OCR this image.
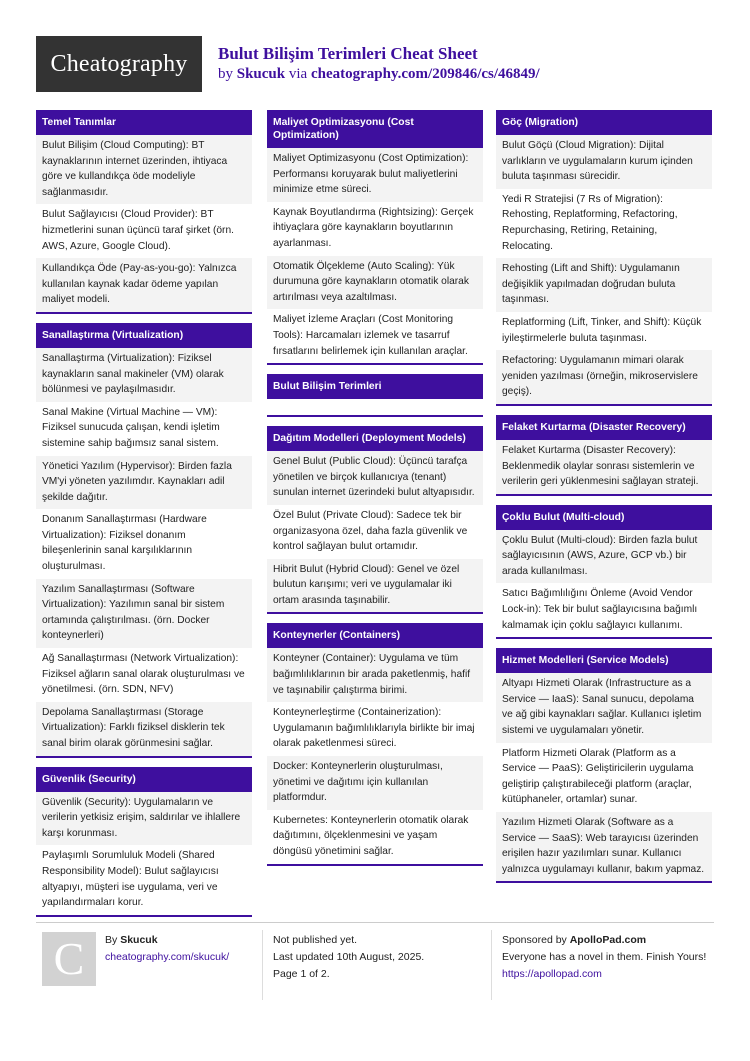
Cheatography Bulut Bilişim Terimleri Cheat Sheet
by Skucuk via cheatography.com/209846/cs/46849/
Temel Tanımlar
Bulut Bilişim (Cloud Computing): BT kaynaklarının internet üzerinden, ihtiyaca göre ve kullandıkça öde modeliyle sağlanmasıdır.
Bulut Sağlayıcısı (Cloud Provider): BT hizmetlerini sunan üçüncü taraf şirket (örn. AWS, Azure, Google Cloud).
Kullandıkça Öde (Pay-as-you-go): Yalnızca kullanılan kaynak kadar ödeme yapılan maliyet modeli.
Sanallaştırma (Virtualization)
Sanallaştırma (Virtualization): Fiziksel kaynakların sanal makineler (VM) olarak bölünmesi ve paylaşılmasıdır.
Sanal Makine (Virtual Machine — VM): Fiziksel sunucuda çalışan, kendi işletim sistemine sahip bağımsız sanal sistem.
Yönetici Yazılım (Hypervisor): Birden fazla VM'yi yöneten yazılımdır. Kaynakları adil şekilde dağıtır.
Donanım Sanallaştırması (Hardware Virtualization): Fiziksel donanım bileşenlerinin sanal karşılıklarının oluşturulması.
Yazılım Sanallaştırması (Software Virtualization): Yazılımın sanal bir sistem ortamında çalıştırılması. (örn. Docker konteynerleri)
Ağ Sanallaştırması (Network Virtualization): Fiziksel ağların sanal olarak oluşturulması ve yönetilmesi. (örn. SDN, NFV)
Depolama Sanallaştırması (Storage Virtualization): Farklı fiziksel disklerin tek sanal birim olarak görünmesini sağlar.
Güvenlik (Security)
Güvenlik (Security): Uygulamaların ve verilerin yetkisiz erişim, saldırılar ve ihlallere karşı korunması.
Paylaşımlı Sorumluluk Modeli (Shared Responsibility Model): Bulut sağlayıcısı altyapıyı, müşteri ise uygulama, veri ve yapılandırmaları korur.
Maliyet Optimizasyonu (Cost Optimization)
Maliyet Optimizasyonu (Cost Optimization): Performansı koruyarak bulut maliyetlerini minimize etme süreci.
Kaynak Boyutlandırma (Rightsizing): Gerçek ihtiyaçlara göre kaynakların boyutlarının ayarlanması.
Otomatik Ölçekleme (Auto Scaling): Yük durumuna göre kaynakların otomatik olarak artırılması veya azaltılması.
Maliyet İzleme Araçları (Cost Monitoring Tools): Harcamaları izlemek ve tasarruf fırsatlarını belirlemek için kullanılan araçlar.
Bulut Bilişim Terimleri
Dağıtım Modelleri (Deployment Models)
Genel Bulut (Public Cloud): Üçüncü tarafça yönetilen ve birçok kullanıcıya (tenant) sunulan internet üzerindeki bulut altyapısıdır.
Özel Bulut (Private Cloud): Sadece tek bir organizasyona özel, daha fazla güvenlik ve kontrol sağlayan bulut ortamıdır.
Hibrit Bulut (Hybrid Cloud): Genel ve özel bulutun karışımı; veri ve uygulamalar iki ortam arasında taşınabilir.
Konteynerler (Containers)
Konteyner (Container): Uygulama ve tüm bağımlılıklarının bir arada paketlenmiş, hafif ve taşınabilir çalıştırma birimi.
Konteynerleştirme (Containerization): Uygulamanın bağımlılıklarıyla birlikte bir imaj olarak paketlenmesi süreci.
Docker: Konteynerlerin oluşturulması, yönetimi ve dağıtımı için kullanılan platformdur.
Kubernetes: Konteynerlerin otomatik olarak dağıtımını, ölçeklenmesini ve yaşam döngüsü yönetimini sağlar.
Göç (Migration)
Bulut Göçü (Cloud Migration): Dijital varlıkların ve uygulamaların kurum içinden buluta taşınması sürecidir.
Yedi R Stratejisi (7 Rs of Migration): Rehosting, Replatforming, Refactoring, Repurchasing, Retiring, Retaining, Relocating.
Rehosting (Lift and Shift): Uygulamanın değişiklik yapılmadan doğrudan buluta taşınması.
Replatforming (Lift, Tinker, and Shift): Küçük iyileştirmelerle buluta taşınması.
Refactoring: Uygulamanın mimari olarak yeniden yazılması (örneğin, mikroservislere geçiş).
Felaket Kurtarma (Disaster Recovery)
Felaket Kurtarma (Disaster Recovery): Beklenmedik olaylar sonrası sistemlerin ve verilerin geri yüklenmesini sağlayan strateji.
Çoklu Bulut (Multi-cloud)
Çoklu Bulut (Multi-cloud): Birden fazla bulut sağlayıcısının (AWS, Azure, GCP vb.) bir arada kullanılması.
Satıcı Bağımlılığını Önleme (Avoid Vendor Lock-in): Tek bir bulut sağlayıcısına bağımlı kalmamak için çoklu sağlayıcı kullanımı.
Hizmet Modelleri (Service Models)
Altyapı Hizmeti Olarak (Infrastructure as a Service — IaaS): Sanal sunucu, depolama ve ağ gibi kaynakları sağlar. Kullanıcı işletim sistemi ve uygulamaları yönetir.
Platform Hizmeti Olarak (Platform as a Service — PaaS): Geliştiricilerin uygulama geliştirip çalıştırabileceği platform (araçlar, kütüphaneler, ortamlar) sunar.
Yazılım Hizmeti Olarak (Software as a Service — SaaS): Web tarayıcısı üzerinden erişilen hazır yazılımları sunar. Kullanıcı yalnızca uygulamayı kullanır, bakım yapmaz.
C By Skucuk
cheatography.com/skucuk/
Not published yet.
Last updated 10th August, 2025.
Page 1 of 2.
Sponsored by ApolloPad.com
Everyone has a novel in them. Finish Yours!
https://apollopad.com
